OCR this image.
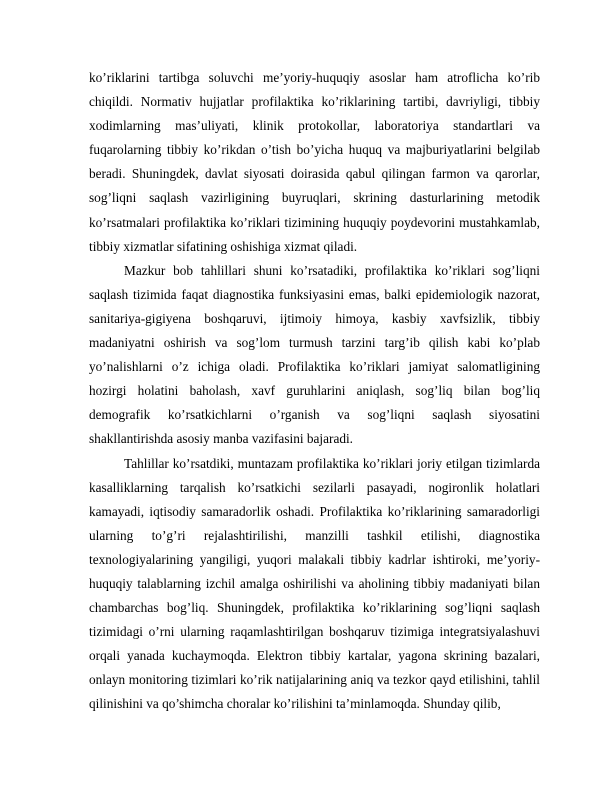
ko’riklarini tartibga soluvchi me’yoriy-huquqiy asoslar ham atroflicha ko’rib chiqildi. Normativ hujjatlar profilaktika ko’riklarining tartibi, davriyligi, tibbiy xodimlarning mas’uliyati, klinik protokollar, laboratoriya standartlari va fuqarolarning tibbiy ko’rikdan o’tish bo’yicha huquq va majburiyatlarini belgilab beradi. Shuningdek, davlat siyosati doirasida qabul qilingan farmon va qarorlar, sog’liqni saqlash vazirligining buyruqlari, skrining dasturlarining metodik ko’rsatmalari profilaktika ko’riklari tizimining huquqiy poydevorini mustahkamlab, tibbiy xizmatlar sifatining oshishiga xizmat qiladi.

Mazkur bob tahlillari shuni ko’rsatadiki, profilaktika ko’riklari sog’liqni saqlash tizimida faqat diagnostika funksiyasini emas, balki epidemiologik nazorat, sanitariya-gigiyena boshqaruvi, ijtimoiy himoya, kasbiy xavfsizlik, tibbiy madaniyatni oshirish va sog’lom turmush tarzini targ’ib qilish kabi ko’plab yo’nalishlarni o’z ichiga oladi. Profilaktika ko’riklari jamiyat salomatligining hozirgi holatini baholash, xavf guruhlarini aniqlash, sog’liq bilan bog’liq demografik ko’rsatkichlarni o’rganish va sog’liqni saqlash siyosatini shakllantirishda asosiy manba vazifasini bajaradi.

Tahlillar ko’rsatdiki, muntazam profilaktika ko’riklari joriy etilgan tizimlarda kasalliklarning tarqalish ko’rsatkichi sezilarli pasayadi, nogironlik holatlari kamayadi, iqtisodiy samaradorlik oshadi. Profilaktika ko’riklarining samaradorligi ularning to’g’ri rejalashtirilishi, manzilli tashkil etilishi, diagnostika texnologiyalarining yangiligi, yuqori malakali tibbiy kadrlar ishtiroki, me’yoriy-huquqiy talablarning izchil amalga oshirilishi va aholining tibbiy madaniyati bilan chambarchas bog’liq. Shuningdek, profilaktika ko’riklarining sog’liqni saqlash tizimidagi o’rni ularning raqamlashtirilgan boshqaruv tizimiga integratsiyalashuvi orqali yanada kuchaymoqda. Elektron tibbiy kartalar, yagona skrining bazalari, onlayn monitoring tizimlari ko’rik natijalarining aniq va tezkor qayd etilishini, tahlil qilinishini va qo’shimcha choralar ko’rilishini ta’minlamoqda. Shunday qilib,
